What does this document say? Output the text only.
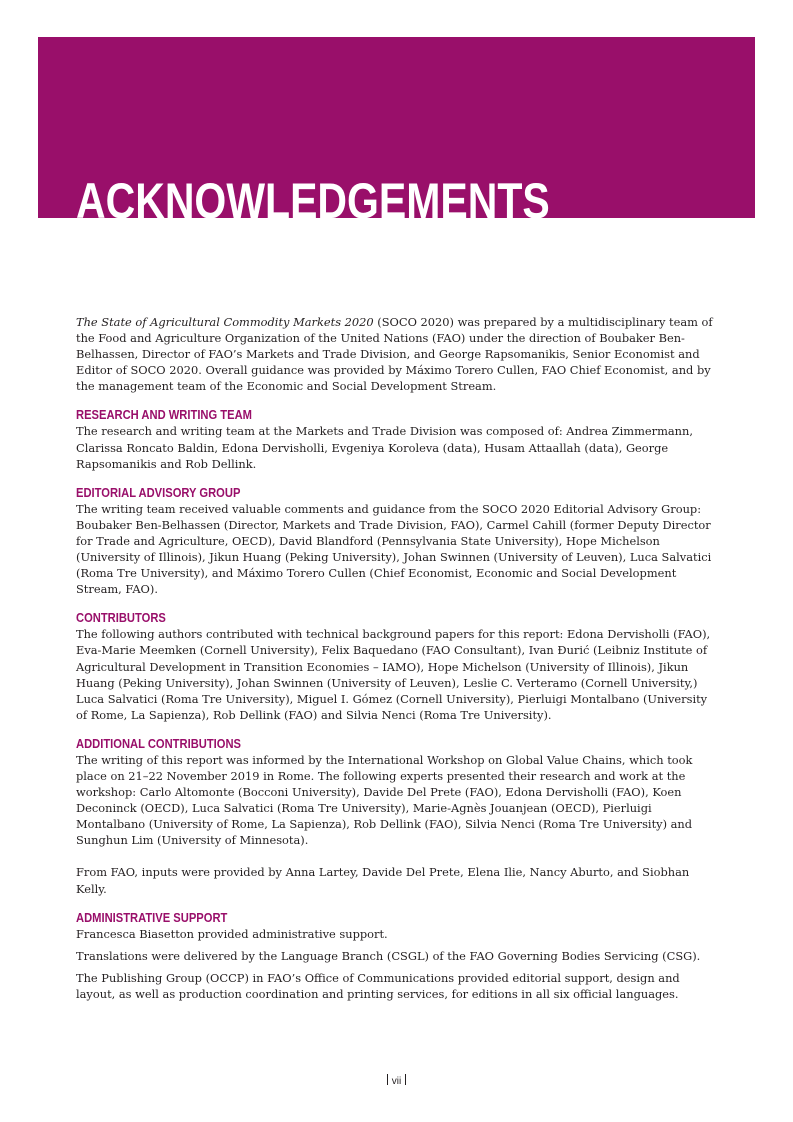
ACKNOWLEDGEMENTS

The State of Agricultural Commodity Markets 2020 (SOCO 2020) was prepared by a multidisciplinary team of the Food and Agriculture Organization of the United Nations (FAO) under the direction of Boubaker Ben-Belhassen, Director of FAO’s Markets and Trade Division, and George Rapsomanikis, Senior Economist and Editor of SOCO 2020. Overall guidance was provided by Máximo Torero Cullen, FAO Chief Economist, and by the management team of the Economic and Social Development Stream.

RESEARCH AND WRITING TEAM

The research and writing team at the Markets and Trade Division was composed of: Andrea Zimmermann, Clarissa Roncato Baldin, Edona Dervisholli, Evgeniya Koroleva (data), Husam Attaallah (data), George Rapsomanikis and Rob Dellink.

EDITORIAL ADVISORY GROUP

The writing team received valuable comments and guidance from the SOCO 2020 Editorial Advisory Group: Boubaker Ben-Belhassen (Director, Markets and Trade Division, FAO), Carmel Cahill (former Deputy Director for Trade and Agriculture, OECD), David Blandford (Pennsylvania State University), Hope Michelson (University of Illinois), Jikun Huang (Peking University), Johan Swinnen (University of Leuven), Luca Salvatici (Roma Tre University), and Máximo Torero Cullen (Chief Economist, Economic and Social Development Stream, FAO).

CONTRIBUTORS

The following authors contributed with technical background papers for this report: Edona Dervisholli (FAO), Eva-Marie Meemken (Cornell University), Felix Baquedano (FAO Consultant), Ivan Đurić (Leibniz Institute of Agricultural Development in Transition Economies – IAMO), Hope Michelson (University of Illinois), Jikun Huang (Peking University), Johan Swinnen (University of Leuven), Leslie C. Verteramo (Cornell University,) Luca Salvatici (Roma Tre University), Miguel I. Gómez (Cornell University), Pierluigi Montalbano (University of Rome, La Sapienza), Rob Dellink (FAO) and Silvia Nenci (Roma Tre University).

ADDITIONAL CONTRIBUTIONS

The writing of this report was informed by the International Workshop on Global Value Chains, which took place on 21–22 November 2019 in Rome. The following experts presented their research and work at the workshop: Carlo Altomonte (Bocconi University), Davide Del Prete (FAO), Edona Dervisholli (FAO), Koen Deconinck (OECD), Luca Salvatici (Roma Tre University), Marie-Agnès Jouanjean (OECD), Pierluigi Montalbano (University of Rome, La Sapienza), Rob Dellink (FAO), Silvia Nenci (Roma Tre University) and Sunghun Lim (University of Minnesota).

From FAO, inputs were provided by Anna Lartey, Davide Del Prete, Elena Ilie, Nancy Aburto, and Siobhan Kelly.

ADMINISTRATIVE SUPPORT

Francesca Biasetton provided administrative support.

Translations were delivered by the Language Branch (CSGL) of the FAO Governing Bodies Servicing (CSG).

The Publishing Group (OCCP) in FAO’s Office of Communications provided editorial support, design and layout, as well as production coordination and printing services, for editions in all six official languages.

vii
